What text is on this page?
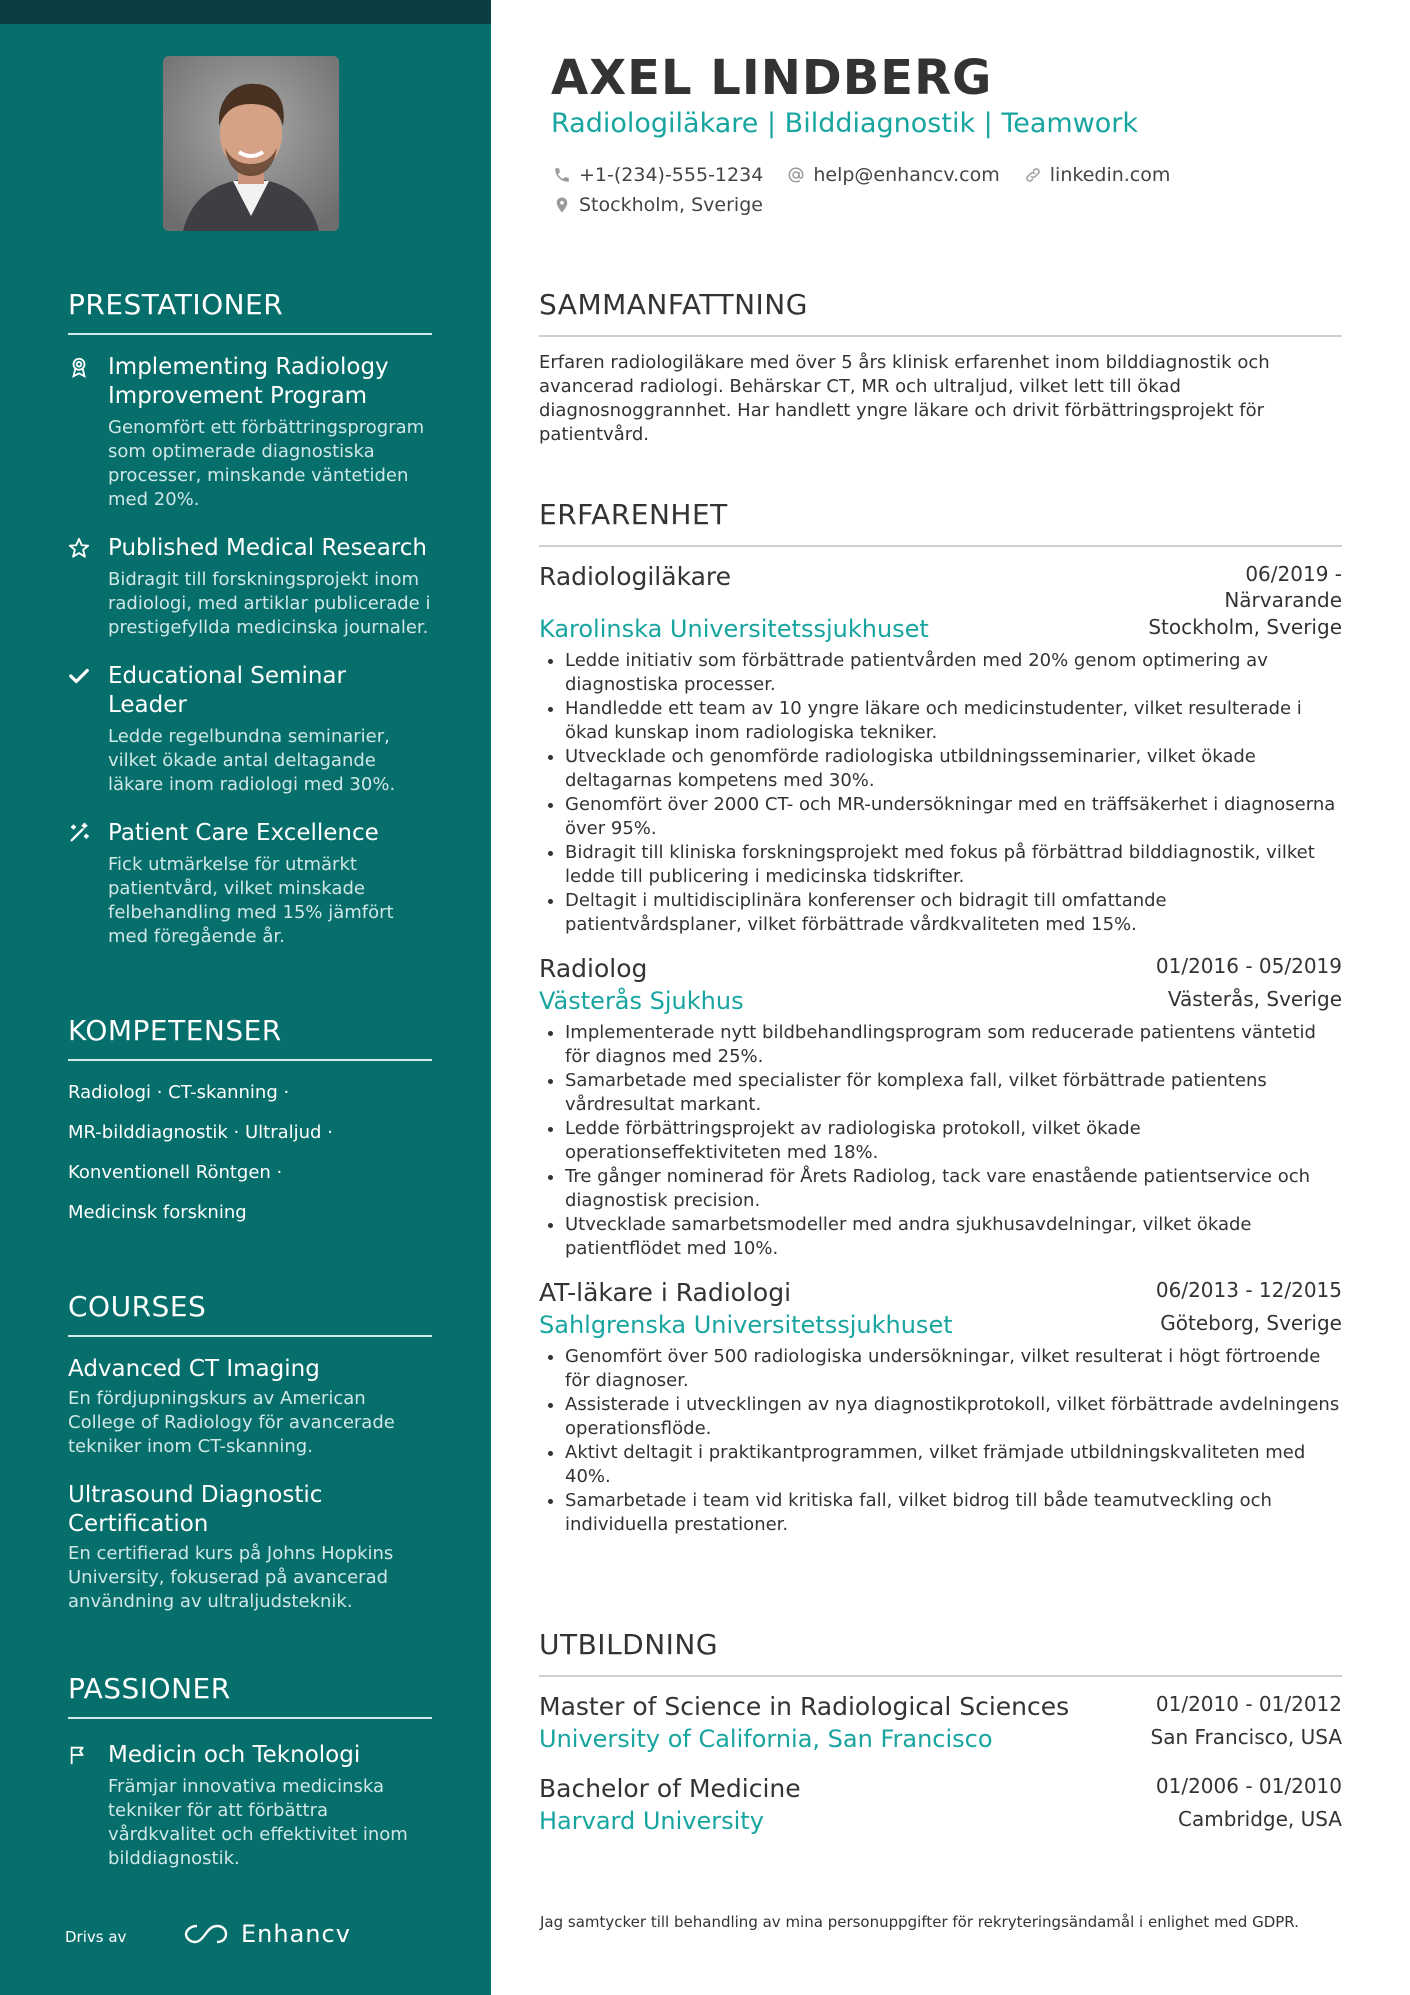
PRESTATIONER
Implementing Radiology Improvement Program
Genomfört ett förbättringsprogram som optimerade diagnostiska processer, minskande väntetiden med 20%.
Published Medical Research
Bidragit till forskningsprojekt inom radiologi, med artiklar publicerade i prestigefyllda medicinska journaler.
Educational Seminar Leader
Ledde regelbundna seminarier, vilket ökade antal deltagande läkare inom radiologi med 30%.
Patient Care Excellence
Fick utmärkelse för utmärkt patientvård, vilket minskade felbehandling med 15% jämfört med föregående år.
KOMPETENSER
Radiologi · CT-skanning ·
MR-bilddiagnostik · Ultraljud ·
Konventionell Röntgen ·
Medicinsk forskning
COURSES
Advanced CT Imaging
En fördjupningskurs av American College of Radiology för avancerade tekniker inom CT-skanning.
Ultrasound Diagnostic Certification
En certifierad kurs på Johns Hopkins University, fokuserad på avancerad användning av ultraljudsteknik.
PASSIONER
Medicin och Teknologi
Främjar innovativa medicinska tekniker för att förbättra vårdkvalitet och effektivitet inom bilddiagnostik.
Drivs av	Enhancv
AXEL LINDBERG
Radiologiläkare | Bilddiagnostik | Teamwork
+1-(234)-555-1234
	help@enhancv.com
	linkedin.com

Stockholm, Sverige
SAMMANFATTNING
Erfaren radiologiläkare med över 5 års klinisk erfarenhet inom bilddiagnostik och avancerad radiologi. Behärskar CT, MR och ultraljud, vilket lett till ökad diagnosnoggrannhet. Har handlett yngre läkare och drivit förbättringsprojekt för patientvård.
ERFARENHET
Radiologiläkare	06/2019 - Närvarande
Karolinska Universitetssjukhuset	Stockholm, Sverige
• Ledde initiativ som förbättrade patientvården med 20% genom optimering av diagnostiska processer.
• Handledde ett team av 10 yngre läkare och medicinstudenter, vilket resulterade i ökad kunskap inom radiologiska tekniker.
• Utvecklade och genomförde radiologiska utbildningsseminarier, vilket ökade deltagarnas kompetens med 30%.
• Genomfört över 2000 CT- och MR-undersökningar med en träffsäkerhet i diagnoserna över 95%.
• Bidragit till kliniska forskningsprojekt med fokus på förbättrad bilddiagnostik, vilket ledde till publicering i medicinska tidskrifter.
• Deltagit i multidisciplinära konferenser och bidragit till omfattande patientvårdsplaner, vilket förbättrade vårdkvaliteten med 15%.
Radiolog	01/2016 - 05/2019
Västerås Sjukhus	Västerås, Sverige
• Implementerade nytt bildbehandlingsprogram som reducerade patientens väntetid för diagnos med 25%.
• Samarbetade med specialister för komplexa fall, vilket förbättrade patientens vårdresultat markant.
• Ledde förbättringsprojekt av radiologiska protokoll, vilket ökade operationseffektiviteten med 18%.
• Tre gånger nominerad för Årets Radiolog, tack vare enastående patientservice och diagnostisk precision.
• Utvecklade samarbetsmodeller med andra sjukhusavdelningar, vilket ökade patientflödet med 10%.
AT-läkare i Radiologi	06/2013 - 12/2015
Sahlgrenska Universitetssjukhuset	Göteborg, Sverige
• Genomfört över 500 radiologiska undersökningar, vilket resulterat i högt förtroende för diagnoser.
• Assisterade i utvecklingen av nya diagnostikprotokoll, vilket förbättrade avdelningens operationsflöde.
• Aktivt deltagit i praktikantprogrammen, vilket främjade utbildningskvaliteten med 40%.
• Samarbetade i team vid kritiska fall, vilket bidrog till både teamutveckling och individuella prestationer.
UTBILDNING
Master of Science in Radiological Sciences	01/2010 - 01/2012
University of California, San Francisco	San Francisco, USA
Bachelor of Medicine	01/2006 - 01/2010
Harvard University	Cambridge, USA
Jag samtycker till behandling av mina personuppgifter för rekryteringsändamål i enlighet med GDPR.
